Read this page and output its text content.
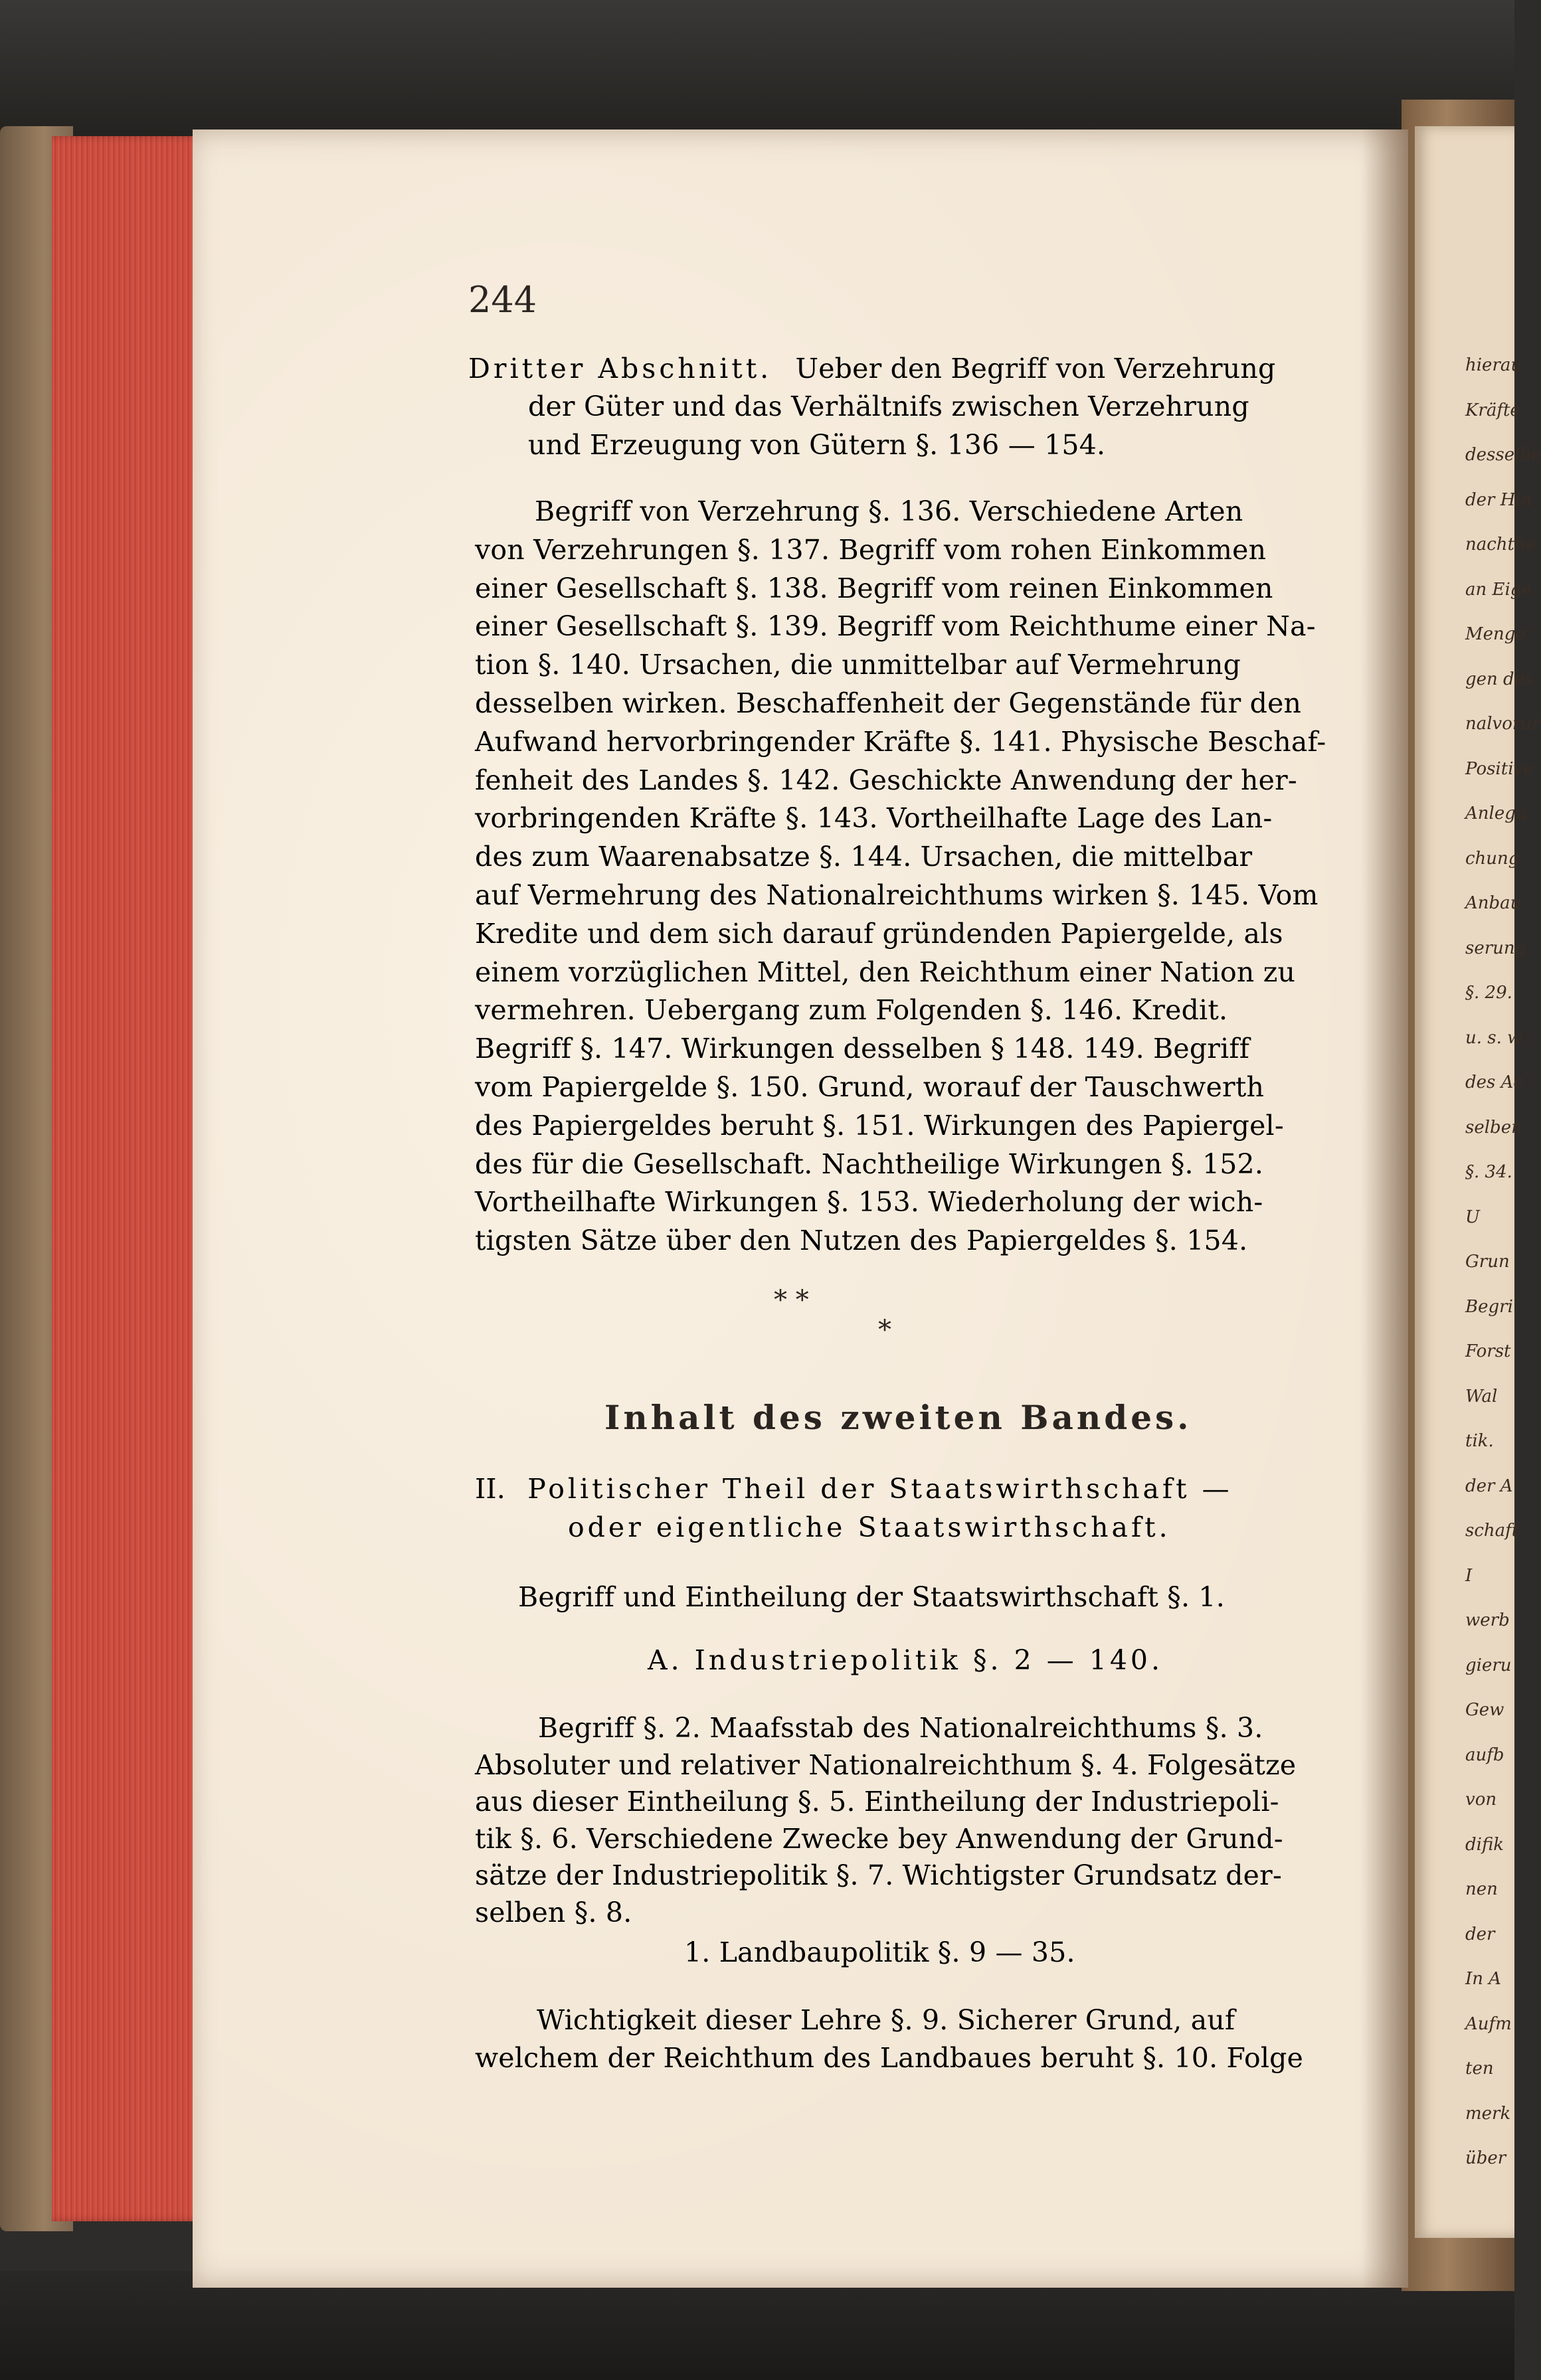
hierau
Kräfte
desselbe
der Hin
nachthe
an Eige
Menge
gen des
nalvorur
Positive
Anlegu
chung
Anbau
serung
§. 29.
u. s. w.
des Ac
selben
§. 34.
U
Grun
Begri
Forst
Wal
tik.
der A
schaft
I
werb
gieru
Gew
aufb
von
difik
nen
der
In A
Aufm
ten
merk
über
244
Dritter Abschnitt. Ueber den Begriff von Verzehrung
der Güter und das Verhältnifs zwischen Verzehrung
und Erzeugung von Gütern §. 136 — 154.
Begriff von Verzehrung §. 136. Verschiedene Arten
von Verzehrungen §. 137. Begriff vom rohen Einkommen
einer Gesellschaft §. 138. Begriff vom reinen Einkommen
einer Gesellschaft §. 139. Begriff vom Reichthume einer Na-
tion §. 140. Ursachen, die unmittelbar auf Vermehrung
desselben wirken. Beschaffenheit der Gegenstände für den
Aufwand hervorbringender Kräfte §. 141. Physische Beschaf-
fenheit des Landes §. 142. Geschickte Anwendung der her-
vorbringenden Kräfte §. 143. Vortheilhafte Lage des Lan-
des zum Waarenabsatze §. 144. Ursachen, die mittelbar
auf Vermehrung des Nationalreichthums wirken §. 145. Vom
Kredite und dem sich darauf gründenden Papiergelde, als
einem vorzüglichen Mittel, den Reichthum einer Nation zu
vermehren. Uebergang zum Folgenden §. 146. Kredit.
Begriff §. 147. Wirkungen desselben § 148. 149. Begriff
vom Papiergelde §. 150. Grund, worauf der Tauschwerth
des Papiergeldes beruht §. 151. Wirkungen des Papiergel-
des für die Gesellschaft. Nachtheilige Wirkungen §. 152.
Vortheilhafte Wirkungen §. 153. Wiederholung der wich-
tigsten Sätze über den Nutzen des Papiergeldes §. 154.
* *
*
Inhalt des zweiten Bandes.
II. Politischer Theil der Staatswirthschaft —
oder eigentliche Staatswirthschaft.
Begriff und Eintheilung der Staatswirthschaft §. 1.
A. Industriepolitik §. 2 — 140.
Begriff §. 2. Maafsstab des Nationalreichthums §. 3.
Absoluter und relativer Nationalreichthum §. 4. Folgesätze
aus dieser Eintheilung §. 5. Eintheilung der Industriepoli-
tik §. 6. Verschiedene Zwecke bey Anwendung der Grund-
sätze der Industriepolitik §. 7. Wichtigster Grundsatz der-
selben §. 8.
1. Landbaupolitik §. 9 — 35.
Wichtigkeit dieser Lehre §. 9. Sicherer Grund, auf
welchem der Reichthum des Landbaues beruht §. 10. Folge
